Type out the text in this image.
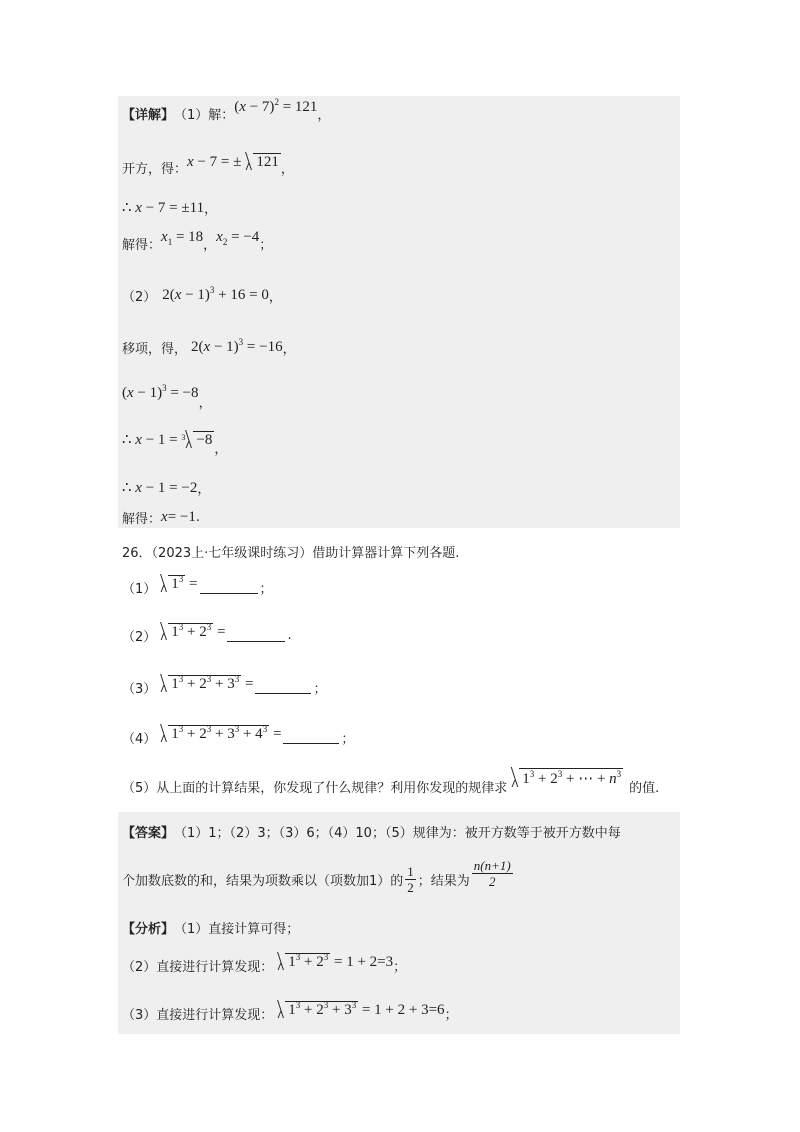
【详解】 （1）解：
$(x - 7)^2 = 121$
，
开方，得： x − 7 = ± 121 ，
∴ x − 7 = ±11 ，
解得：
$x_1 = 18$
，
$x_2 = -4$
；
（2） $2(x - 1)^3 + 16 = 0$ ，
移项，得， $2(x - 1)^3 = -16$ ，
$(x - 1)^3 = -8$
，
∴ x − 1 = $^3$ −8
，
∴ x − 1 = −2 ，
解得： x= −1 .
26．（2023上·七年级课时练习）借助计算器计算下列各题.
（1）	$1^3$ =	；
（2）	$1^3 + 2^3$ =	.
（3）	$1^3 + 2^3 + 3^3$ =	；
（4）	$1^3 + 2^3 + 3^3 + 4^3$ =	；
（5）从上面的计算结果，你发现了什么规律？利用你发现的规律求
$1^3 + 2^3$ + ⋯ + $n^3$
的值.
【答案】 （1）1；（2）3；（3）6；（4）10；（5）规律为：被开方数等于被开方数中每
个加数底数的和，结果为项数乘以（项数加1）的 $\frac{1}{2}$ ；结果为 $\frac{n(n+1)}{2}$
【分析】 （1）直接计算可得；
（2）直接进行计算发现：	$1^3 + 2^3 = 1 + 2=3$ ；
（3）直接进行计算发现：	$1^3 + 2^3 + 3^3 = 1 + 2 + 3=6$ ；
